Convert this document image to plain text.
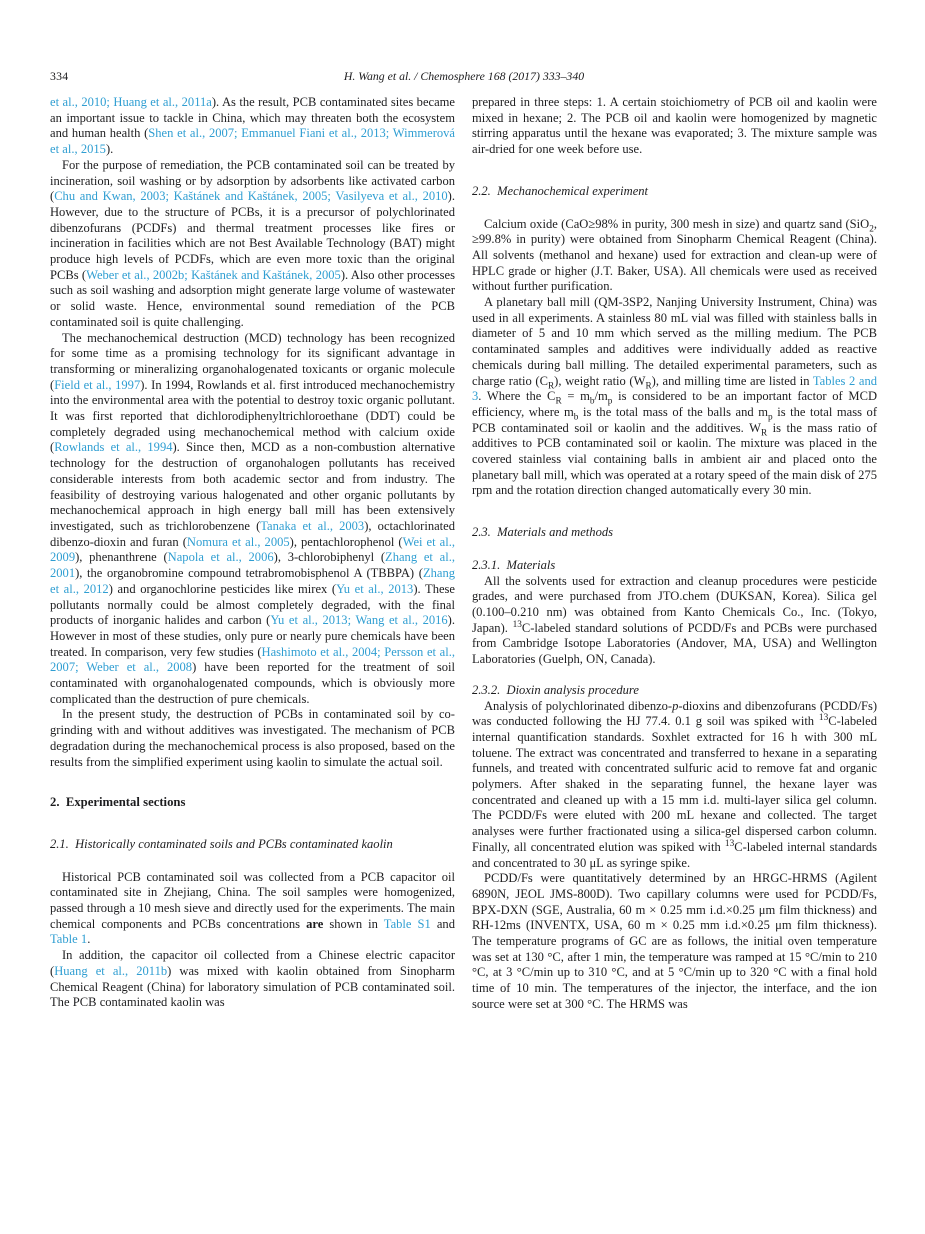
334	H. Wang et al. / Chemosphere 168 (2017) 333–340

et al., 2010; Huang et al., 2011a). As the result, PCB contaminated sites became an important issue to tackle in China, which may threaten both the ecosystem and human health (Shen et al., 2007; Emmanuel Fiani et al., 2013; Wimmerová et al., 2015).

For the purpose of remediation, the PCB contaminated soil can be treated by incineration, soil washing or by adsorption by adsorbents like activated carbon (Chu and Kwan, 2003; Kaštánek and Kaštánek, 2005; Vasilyeva et al., 2010). However, due to the structure of PCBs, it is a precursor of polychlorinated dibenzofurans (PCDFs) and thermal treatment processes like fires or incineration in facilities which are not Best Available Technology (BAT) might produce high levels of PCDFs, which are even more toxic than the original PCBs (Weber et al., 2002b; Kaštánek and Kaštánek, 2005). Also other processes such as soil washing and adsorption might generate large volume of wastewater or solid waste. Hence, environmental sound remediation of the PCB contaminated soil is quite challenging.

The mechanochemical destruction (MCD) technology has been recognized for some time as a promising technology for its significant advantage in transforming or mineralizing organohalogenated toxicants or organic molecule (Field et al., 1997). In 1994, Rowlands et al. first introduced mechanochemistry into the environmental area with the potential to destroy toxic organic pollutant. It was first reported that dichlorodiphenyltrichloroethane (DDT) could be completely degraded using mechanochemical method with calcium oxide (Rowlands et al., 1994). Since then, MCD as a non-combustion alternative technology for the destruction of organohalogen pollutants has received considerable interests from both academic sector and from industry. The feasibility of destroying various halogenated and other organic pollutants by mechanochemical approach in high energy ball mill has been extensively investigated, such as trichlorobenzene (Tanaka et al., 2003), octachlorinated dibenzo-dioxin and furan (Nomura et al., 2005), pentachlorophenol (Wei et al., 2009), phenanthrene (Napola et al., 2006), 3-chlorobiphenyl (Zhang et al., 2001), the organobromine compound tetrabromobisphenol A (TBBPA) (Zhang et al., 2012) and organochlorine pesticides like mirex (Yu et al., 2013). These pollutants normally could be almost completely degraded, with the final products of inorganic halides and carbon (Yu et al., 2013; Wang et al., 2016). However in most of these studies, only pure or nearly pure chemicals have been treated. In comparison, very few studies (Hashimoto et al., 2004; Persson et al., 2007; Weber et al., 2008) have been reported for the treatment of soil contaminated with organohalogenated compounds, which is obviously more complicated than the destruction of pure chemicals.

In the present study, the destruction of PCBs in contaminated soil by co-grinding with and without additives was investigated. The mechanism of PCB degradation during the mechanochemical process is also proposed, based on the results from the simplified experiment using kaolin to simulate the actual soil.

2. Experimental sections
2.1. Historically contaminated soils and PCBs contaminated kaolin

Historical PCB contaminated soil was collected from a PCB capacitor oil contaminated site in Zhejiang, China. The soil samples were homogenized, passed through a 10 mesh sieve and directly used for the experiments. The main chemical components and PCBs concentrations are shown in Table S1 and Table 1.

In addition, the capacitor oil collected from a Chinese electric capacitor (Huang et al., 2011b) was mixed with kaolin obtained from Sinopharm Chemical Reagent (China) for laboratory simulation of PCB contaminated soil. The PCB contaminated kaolin was

prepared in three steps: 1. A certain stoichiometry of PCB oil and kaolin were mixed in hexane; 2. The PCB oil and kaolin were homogenized by magnetic stirring apparatus until the hexane was evaporated; 3. The mixture sample was air-dried for one week before use.

2.2. Mechanochemical experiment

Calcium oxide (CaO≥98% in purity, 300 mesh in size) and quartz sand (SiO$_2$, ≥99.8% in purity) were obtained from Sinopharm Chemical Reagent (China). All solvents (methanol and hexane) used for extraction and clean-up were of HPLC grade or higher (J.T. Baker, USA). All chemicals were used as received without further purification.

A planetary ball mill (QM-3SP2, Nanjing University Instrument, China) was used in all experiments. A stainless 80 mL vial was filled with stainless balls in diameter of 5 and 10 mm which served as the milling medium. The PCB contaminated samples and additives were individually added as reactive chemicals during ball milling. The detailed experimental parameters, such as charge ratio $(C_R)$, weight ratio $(W_R)$, and milling time are listed in Tables 2 and 3. Where the $C_R = m_b/m_p$ is considered to be an important factor of MCD efficiency, where $m_b$ is the total mass of the balls and $m_p$ is the total mass of PCB contaminated soil or kaolin and the additives. $W_R$ is the mass ratio of additives to PCB contaminated soil or kaolin. The mixture was placed in the covered stainless vial containing balls in ambient air and placed onto the planetary ball mill, which was operated at a rotary speed of the main disk of 275 rpm and the rotation direction changed automatically every 30 min.

2.3. Materials and methods
2.3.1. Materials

All the solvents used for extraction and cleanup procedures were pesticide grades, and were purchased from JTO.chem (DUKSAN, Korea). Silica gel (0.100–0.210 nm) was obtained from Kanto Chemicals Co., Inc. (Tokyo, Japan). $^{13}$C-labeled standard solutions of PCDD/Fs and PCBs were purchased from Cambridge Isotope Laboratories (Andover, MA, USA) and Wellington Laboratories (Guelph, ON, Canada).

2.3.2. Dioxin analysis procedure

Analysis of polychlorinated dibenzo-p-dioxins and dibenzofurans (PCDD/Fs) was conducted following the HJ 77.4. 0.1 g soil was spiked with $^{13}$C-labeled internal quantification standards. Soxhlet extracted for 16 h with 300 mL toluene. The extract was concentrated and transferred to hexane in a separating funnels, and treated with concentrated sulfuric acid to remove fat and organic polymers. After shaked in the separating funnel, the hexane layer was concentrated and cleaned up with a 15 mm i.d. multi-layer silica gel column. The PCDD/Fs were eluted with 200 mL hexane and collected. The target analyses were further fractionated using a silica-gel dispersed carbon column. Finally, all concentrated elution was spiked with $^{13}$C-labeled internal standards and concentrated to 30 μL as syringe spike.

PCDD/Fs were quantitatively determined by an HRGC-HRMS (Agilent 6890N, JEOL JMS-800D). Two capillary columns were used for PCDD/Fs, BPX-DXN (SGE, Australia, 60 m × 0.25 mm i.d.×0.25 μm film thickness) and RH-12ms (INVENTX, USA, 60 m × 0.25 mm i.d.×0.25 μm film thickness). The temperature programs of GC are as follows, the initial oven temperature was set at 130 °C, after 1 min, the temperature was ramped at 15 °C/min to 210 °C, at 3 °C/min up to 310 °C, and at 5 °C/min up to 320 °C with a final hold time of 10 min. The temperatures of the injector, the interface, and the ion source were set at 300 °C. The HRMS was
